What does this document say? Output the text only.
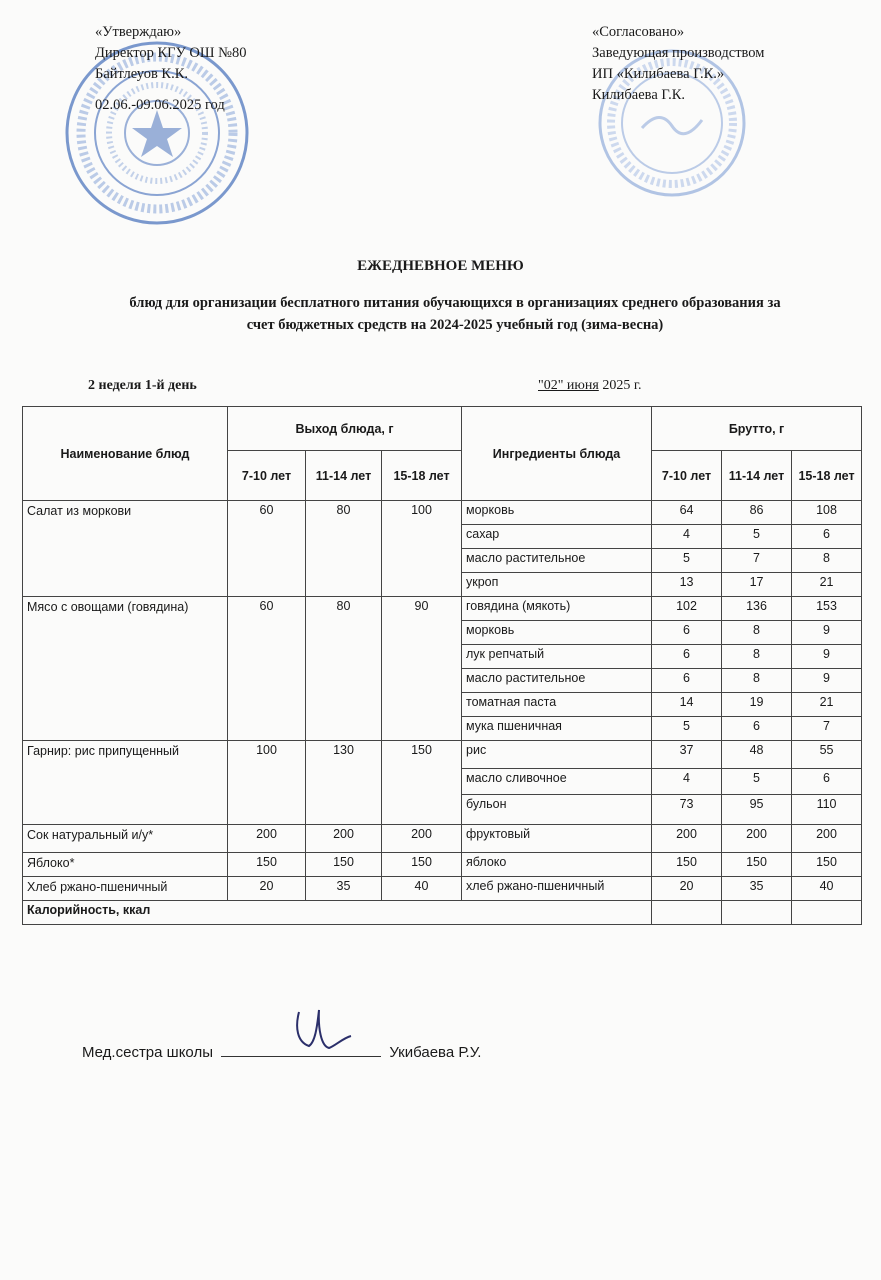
«Утверждаю»
Директор КГУ ОШ №80
Байтлеуов К.К.
02.06.-09.06.2025 год
«Согласовано»
Заведующая производством
ИП «Килибаева Г.К.»
Килибаева Г.К.
ЕЖЕДНЕВНОЕ МЕНЮ
блюд для организации бесплатного питания обучающихся в организациях среднего образования за счет бюджетных средств на 2024-2025 учебный год (зима-весна)
2 неделя 1-й день	"02" июня 2025 г.
Наименование блюд	Выход блюда, г			Ингредиенты блюда	Брутто, г		
	7-10 лет	11-14 лет	15-18 лет		7-10 лет	11-14 лет	15-18 лет
Салат из моркови	60	80	100	морковь	64	86	108
				сахар	4	5	6
				масло растительное	5	7	8
				укроп	13	17	21
Мясо с овощами (говядина)	60	80	90	говядина (мякоть)	102	136	153
				морковь	6	8	9
				лук репчатый	6	8	9
				масло растительное	6	8	9
				томатная паста	14	19	21
				мука пшеничная	5	6	7
Гарнир: рис припущенный	100	130	150	рис	37	48	55
				масло сливочное	4	5	6
				бульон	73	95	110
Сок натуральный и/у*	200	200	200	фруктовый	200	200	200
Яблоко*	150	150	150	яблоко	150	150	150
Хлеб ржано-пшеничный	20	35	40	хлеб ржано-пшеничный	20	35	40
Калорийность, ккал							
Мед.сестра школы	Укибаева Р.У.
